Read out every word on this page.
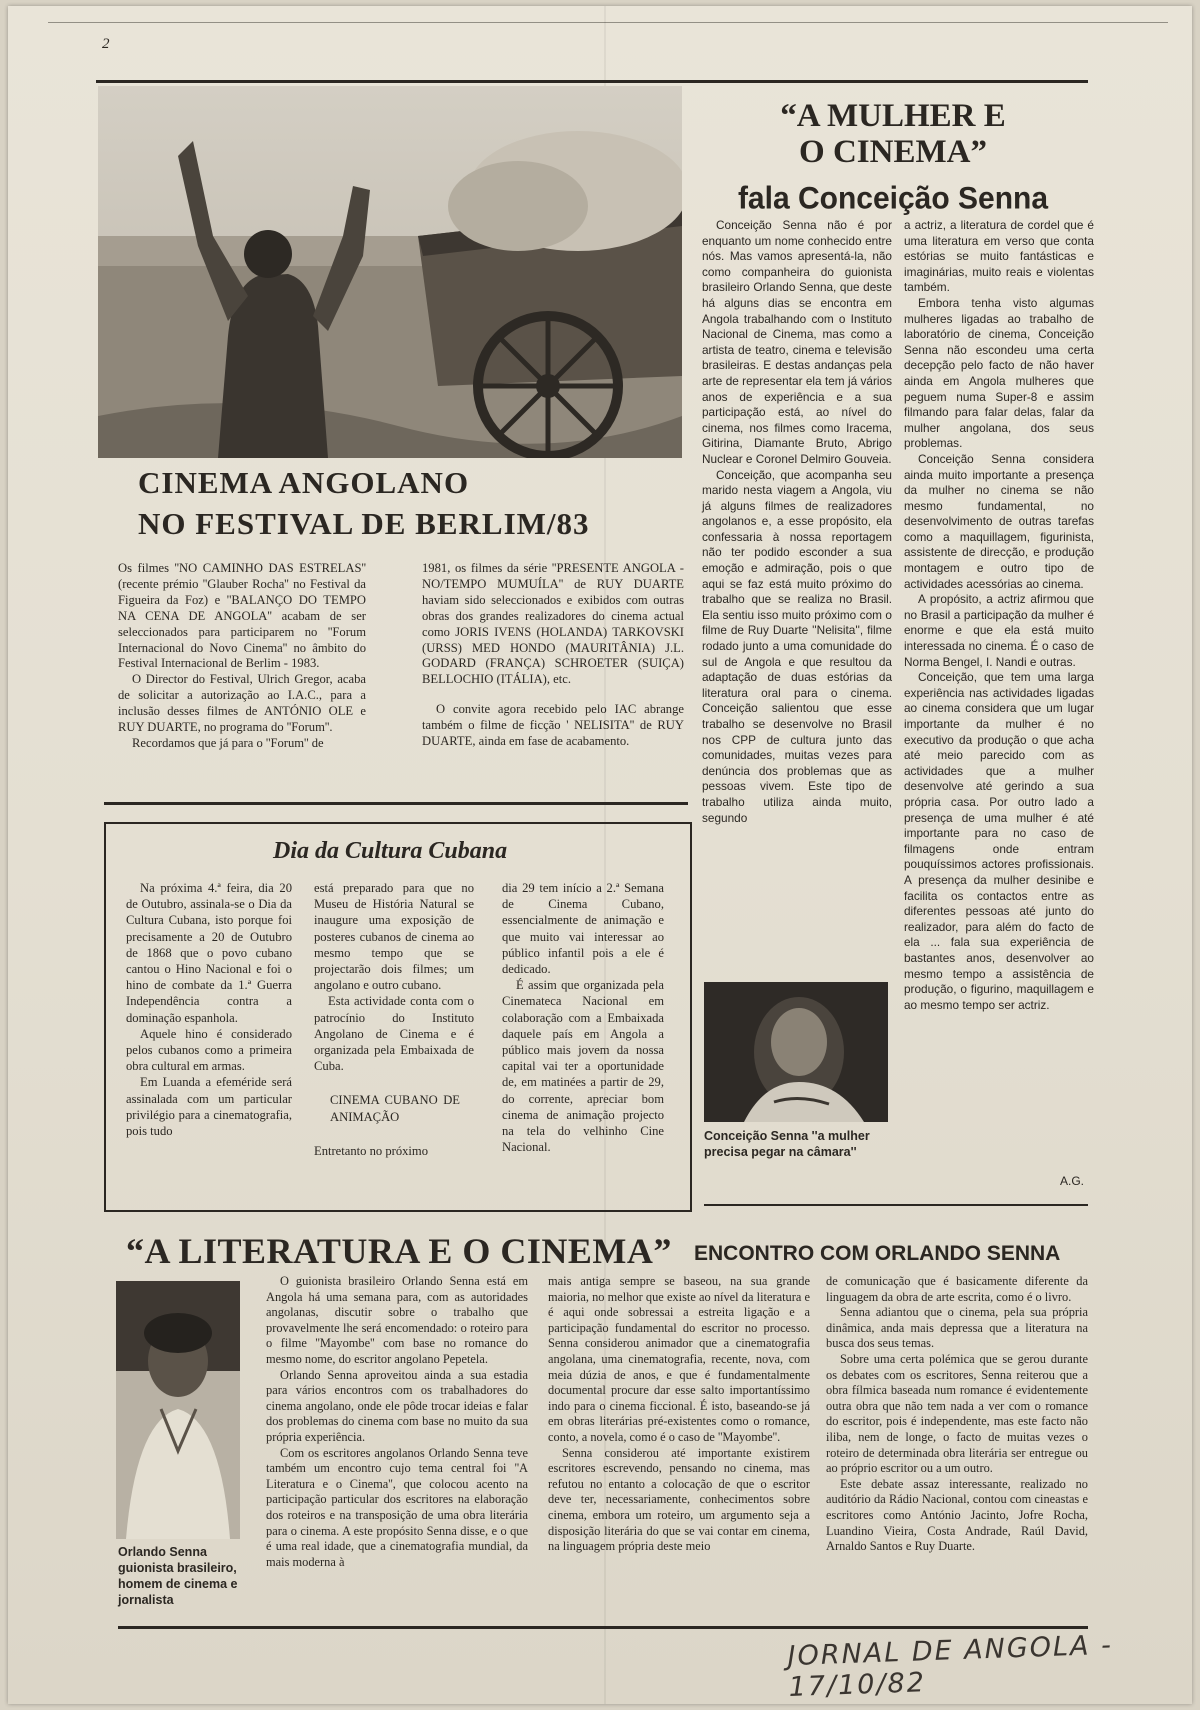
2
CINEMA ANGOLANO
NO FESTIVAL DE BERLIM/83

Os filmes ''NO CAMINHO DAS ESTRELAS'' (recente prémio ''Glauber Rocha'' no Festival da Figueira da Foz) e ''BALANÇO DO TEMPO NA CENA DE ANGOLA'' acabam de ser seleccionados para participarem no ''Forum Internacional do Novo Cinema'' no âmbito do Festival Internacional de Berlim - 1983.

O Director do Festival, Ulrich Gregor, acaba de solicitar a autorização ao I.A.C., para a inclusão desses filmes de ANTÓNIO OLE e RUY DUARTE, no programa do ''Forum''.

Recordamos que já para o ''Forum'' de

1981, os filmes da série ''PRESENTE ANGOLA - NO/TEMPO MUMUÍLA'' de RUY DUARTE haviam sido seleccionados e exibidos com outras obras dos grandes realizadores do cinema actual como JORIS IVENS (HOLANDA) TARKOVSKI (URSS) MED HONDO (MAURITÂNIA) J.L. GODARD (FRANÇA) SCHROETER (SUIÇA) BELLOCHIO (ITÁLIA), etc.

O convite agora recebido pelo IAC abrange também o filme de ficção ' NELISITA'' de RUY DUARTE, ainda em fase de acabamento.

“A MULHER E
O CINEMA”
fala Conceição Senna

Conceição Senna não é por enquanto um nome conhecido entre nós. Mas vamos apresentá-la, não como companheira do guionista brasileiro Orlando Senna, que deste há alguns dias se encontra em Angola trabalhando com o Instituto Nacional de Cinema, mas como a artista de teatro, cinema e televisão brasileiras. E destas andanças pela arte de representar ela tem já vários anos de experiência e a sua participação está, ao nível do cinema, nos filmes como Iracema, Gitirina, Diamante Bruto, Abrigo Nuclear e Coronel Delmiro Gouveia.

Conceição, que acompanha seu marido nesta viagem a Angola, viu já alguns filmes de realizadores angolanos e, a esse propósito, ela confessaria à nossa reportagem não ter podido esconder a sua emoção e admiração, pois o que aqui se faz está muito próximo do trabalho que se realiza no Brasil. Ela sentiu isso muito próximo com o filme de Ruy Duarte ''Nelisita'', filme rodado junto a uma comunidade do sul de Angola e que resultou da adaptação de duas estórias da literatura oral para o cinema. Conceição salientou que esse trabalho se desenvolve no Brasil nos CPP de cultura junto das comunidades, muitas vezes para denúncia dos problemas que as pessoas vivem. Este tipo de trabalho utiliza ainda muito, segundo

a actriz, a literatura de cordel que é uma literatura em verso que conta estórias se muito fantásticas e imaginárias, muito reais e violentas também.

Embora tenha visto algumas mulheres ligadas ao trabalho de laboratório de cinema, Conceição Senna não escondeu uma certa decepção pelo facto de não haver ainda em Angola mulheres que peguem numa Super-8 e assim filmando para falar delas, falar da mulher angolana, dos seus problemas.

Conceição Senna considera ainda muito importante a presença da mulher no cinema se não mesmo fundamental, no desenvolvimento de outras tarefas como a maquillagem, figurinista, assistente de direcção, e produção montagem e outro tipo de actividades acessórias ao cinema.

A propósito, a actriz afirmou que no Brasil a participação da mulher é enorme e que ela está muito interessada no cinema. É o caso de Norma Bengel, I. Nandi e outras.

Conceição, que tem uma larga experiência nas actividades ligadas ao cinema considera que um lugar importante da mulher é no executivo da produção o que acha até meio parecido com as actividades que a mulher desenvolve até gerindo a sua própria casa. Por outro lado a presença de uma mulher é até importante para no caso de filmagens onde entram pouquíssimos actores profissionais. A presença da mulher desinibe e facilita os contactos entre as diferentes pessoas até junto do realizador, para além do facto de ela ... fala sua experiência de bastantes anos, desenvolver ao mesmo tempo a assistência de produção, o figurino, maquillagem e ao mesmo tempo ser actriz.

A.G.
Conceição Senna ''a mulher precisa pegar na câmara''
Dia da Cultura Cubana

Na próxima 4.ª feira, dia 20 de Outubro, assinala-se o Dia da Cultura Cubana, isto porque foi precisamente a 20 de Outubro de 1868 que o povo cubano cantou o Hino Nacional e foi o hino de combate da 1.ª Guerra Independência contra a dominação espanhola.

Aquele hino é considerado pelos cubanos como a primeira obra cultural em armas.

Em Luanda a efeméride será assinalada com um particular privilégio para a cinematografia, pois tudo

está preparado para que no Museu de História Natural se inaugure uma exposição de posteres cubanos de cinema ao mesmo tempo que se projectarão dois filmes; um angolano e outro cubano.

Esta actividade conta com o patrocínio do Instituto Angolano de Cinema e é organizada pela Embaixada de Cuba.

CINEMA CUBANO DE ANIMAÇÃO

Entretanto no próximo

dia 29 tem início a 2.ª Semana de Cinema Cubano, essencialmente de animação e que muito vai interessar ao público infantil pois a ele é dedicado.

É assim que organizada pela Cinemateca Nacional em colaboração com a Embaixada daquele país em Angola a público mais jovem da nossa capital vai ter a oportunidade de, em matinées a partir de 29, do corrente, apreciar bom cinema de animação projecto na tela do velhinho Cine Nacional.

“A LITERATURA E O CINEMA” ENCONTRO COM ORLANDO SENNA
Orlando Senna guionista brasileiro, homem de cinema e jornalista

O guionista brasileiro Orlando Senna está em Angola há uma semana para, com as autoridades angolanas, discutir sobre o trabalho que provavelmente lhe será encomendado: o roteiro para o filme ''Mayombe'' com base no romance do mesmo nome, do escritor angolano Pepetela.

Orlando Senna aproveitou ainda a sua estadia para vários encontros com os trabalhadores do cinema angolano, onde ele pôde trocar ideias e falar dos problemas do cinema com base no muito da sua própria experiência.

Com os escritores angolanos Orlando Senna teve também um encontro cujo tema central foi ''A Literatura e o Cinema'', que colocou acento na participação particular dos escritores na elaboração dos roteiros e na transposição de uma obra literária para o cinema. A este propósito Senna disse, e o que é uma real idade, que a cinematografia mundial, da mais moderna à

mais antiga sempre se baseou, na sua grande maioria, no melhor que existe ao nível da literatura e é aqui onde sobressai a estreita ligação e a participação fundamental do escritor no processo. Senna considerou animador que a cinematografia angolana, uma cinematografia, recente, nova, com meia dúzia de anos, e que é fundamentalmente documental procure dar esse salto importantíssimo indo para o cinema ficcional. É isto, baseando-se já em obras literárias pré-existentes como o romance, conto, a novela, como é o caso de ''Mayombe''.

Senna considerou até importante existirem escritores escrevendo, pensando no cinema, mas refutou no entanto a colocação de que o escritor deve ter, necessariamente, conhecimentos sobre cinema, embora um roteiro, um argumento seja a disposição literária do que se vai contar em cinema, na linguagem própria deste meio

de comunicação que é basicamente diferente da linguagem da obra de arte escrita, como é o livro.

Senna adiantou que o cinema, pela sua própria dinâmica, anda mais depressa que a literatura na busca dos seus temas.

Sobre uma certa polémica que se gerou durante os debates com os escritores, Senna reiterou que a obra fílmica baseada num romance é evidentemente outra obra que não tem nada a ver com o romance do escritor, pois é independente, mas este facto não iliba, nem de longe, o facto de muitas vezes o roteiro de determinada obra literária ser entregue ou ao próprio escritor ou a um outro.

Este debate assaz interessante, realizado no auditório da Rádio Nacional, contou com cineastas e escritores como António Jacinto, Jofre Rocha, Luandino Vieira, Costa Andrade, Raúl David, Arnaldo Santos e Ruy Duarte.

JORNAL DE ANGOLA - 17/10/82
